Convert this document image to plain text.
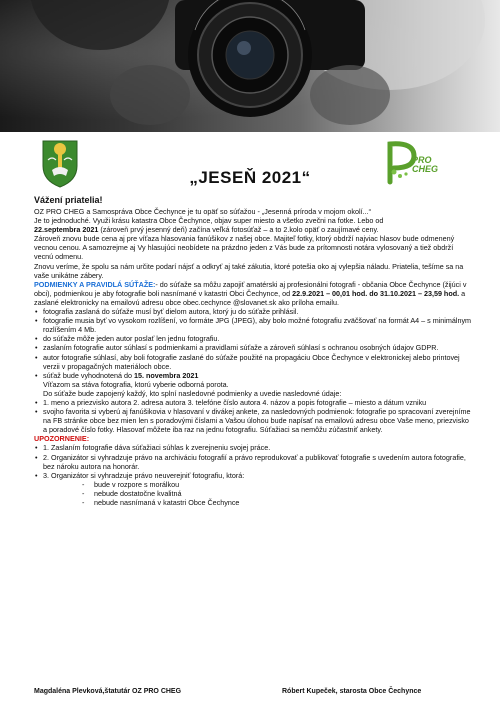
PRO CHEG
„JESEŇ 2021“

Vážení priatelia!

OZ PRO CHEG a Samospráva Obce Čechynce je tu opäť so súťažou - „Jesenná príroda v mojom okolí...“

Je to jednoduché. Využi krásu katastra Obce Čechynce, objav super miesto a všetko zvečni na fotke. Lebo od

22.septembra 2021 (zároveň prvý jesenný deň) začína veľká fotosúťaž – a to 2.kolo opäť o zaujímavé ceny.

Zároveň znovu bude cena aj pre víťaza hlasovania fanúšikov z našej obce. Majiteľ fotky, ktorý obdrží najviac hlasov bude odmenený vecnou cenou. A samozrejme aj Vy hlasujúci neobídete na prázdno jeden z Vás bude za prítomnosti notára vylosovaný a tiež obdrží vecnú odmenu.

Znovu veríme, že spolu sa nám určite podarí nájsť a odkryť aj také zákutia, ktoré potešia oko aj vylepšia náladu. Priatelia, tešíme sa na vaše unikátne zábery.

PODMIENKY A PRAVIDLÁ SÚŤAŽE:- do súťaže sa môžu zapojiť amatérski aj profesionálni fotografi - občania Obce Čechynce (žijúci v obci), podmienkou je aby fotografie boli nasnímané v katastri Obci Čechynce, od 22.9.2021 – 00,01 hod. do 31.10.2021 – 23,59 hod. a zaslané elektronicky na emailovú adresu obce obec.cechynce @slovanet.sk ako príloha emailu.

• fotografia zaslaná do súťaže musí byť dielom autora, ktorý ju do súťaže prihlásil.
• fotografie musia byť vo vysokom rozlíšení, vo formáte JPG (JPEG), aby bolo možné fotografiu zväčšovať na formát A4 – s minimálnym rozlíšením 4 Mb.
• do súťaže môže jeden autor poslať len jednu fotografiu.
• zaslaním fotografie autor súhlasí s podmienkami a pravidlami súťaže a zároveň súhlasí s ochranou osobných údajov GDPR.
• autor fotografie súhlasí, aby boli fotografie zaslané do súťaže použité na propagáciu Obce Čechynce v elektronickej alebo printovej verzii v propagačných materiáloch obce.
• súťaž bude vyhodnotená do 15. novembra 2021

Víťazom sa stáva fotografia, ktorú vyberie odborná porota.

Do súťaže bude zapojený každý, kto splní nasledovné podmienky a uvedie nasledovné údaje:

• 1. meno a priezvisko autora 2. adresa autora 3. telefóne číslo autora 4. názov a popis fotografie – miesto a dátum vzniku
• svojho favorita si vyberú aj fanúšikovia v hlasovaní v divákej ankete, za nasledovných podmienok: fotografie po spracovaní zverejníme na FB stránke obce bez mien len s poradovými číslami a Vašou úlohou bude napísať na emailovú adresu obce Vaše meno, priezvisko a poradové číslo fotky. Hlasovať môžete iba raz na jednu fotografiu. Súťažiaci sa nemôžu zúčastniť ankety.

UPOZORNENIE:

• 1. Zaslaním fotografie dáva súťažiaci súhlas k zverejneniu svojej práce.
• 2. Organizátor si vyhradzuje právo na archiváciu fotografií a právo reprodukovať a publikovať fotografie s uvedením autora fotografie, bez nároku autora na honorár.
• 3. Organizátor si vyhradzuje právo neuverejniť fotografiu, ktorá:
- bude v rozpore s morálkou
- nebude dostatočne kvalitná
- nebude nasnímaná v katastri Obce Čechynce
Magdaléna Plevková,štatutár OZ PRO CHEG	Róbert Kupeček, starosta Obce Čechynce
